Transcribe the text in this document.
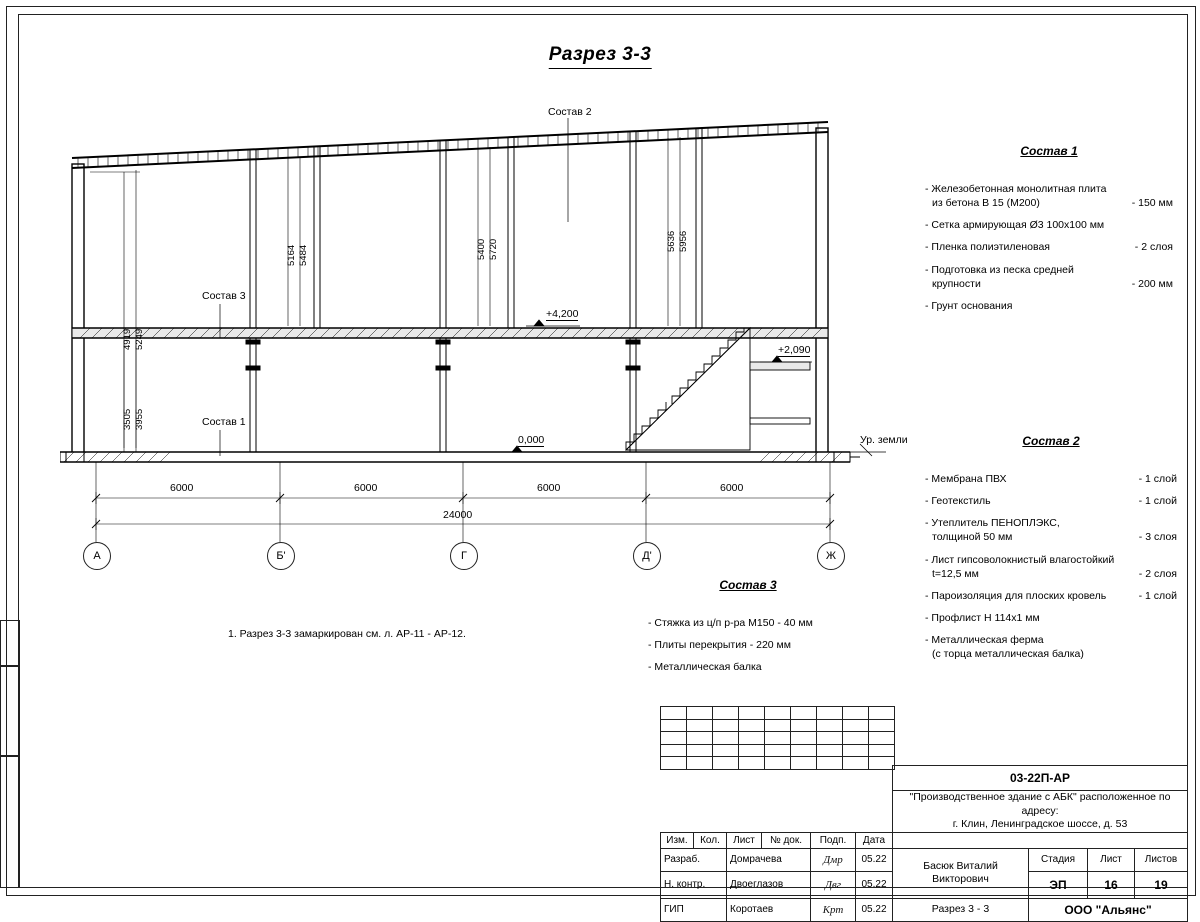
Разрез 3-3
4919 5249
5164 5484	5400 5720	5636 5956
3505 3955
Состав 2
Состав 3
Состав 1
+4,200
+2,090
0,000	Ур. земли
6000	6000	6000	6000
24000
А	Б'	Г	Д'	Ж
1. Разрез 3-3 замаркирован см. л. АР-11 - АР-12.
Состав 1
- Железобетонная монолитная плита
из бетона В 15 (М200)	- 150 мм
- Сетка армирующая Ø3 100х100 мм
- Пленка полиэтиленовая	- 2 слоя
- Подготовка из песка средней
крупности	- 200 мм
- Грунт основания
Состав 2
- Мембрана ПВХ	- 1 слой
- Геотекстиль	- 1 слой
- Утеплитель ПЕНОПЛЭКС,
толщиной 50 мм	- 3 слоя
- Лист гипсоволокнистый влагостойкий
t=12,5 мм	- 2 слоя
- Пароизоляция для плоских кровель	- 1 слой
- Профлист Н 114х1 мм
- Металлическая ферма
(с торца металлическая балка)
Состав 3
- Стяжка из ц/п р-ра М150 - 40 мм
- Плиты перекрытия - 220 мм
- Металлическая балка

						03-22П-АР			

						"Производственное здание с АБК" расположенное по адресу:
г. Клин, Ленинградское шоссе, д. 53			

Изм.	Кол.	Лист	№ док.	Подп.	Дата				
Разраб.		Домрачева		Дмр	05.22	Басюк Виталий Викторович	Стадия	Лист	Листов
Н. контр.		Двоеглазов		Двг	05.22		ЭП	16	19
ГИП		Коротаев		Крт	05.22	Разрез 3 - 3	ООО "Альянс"		
